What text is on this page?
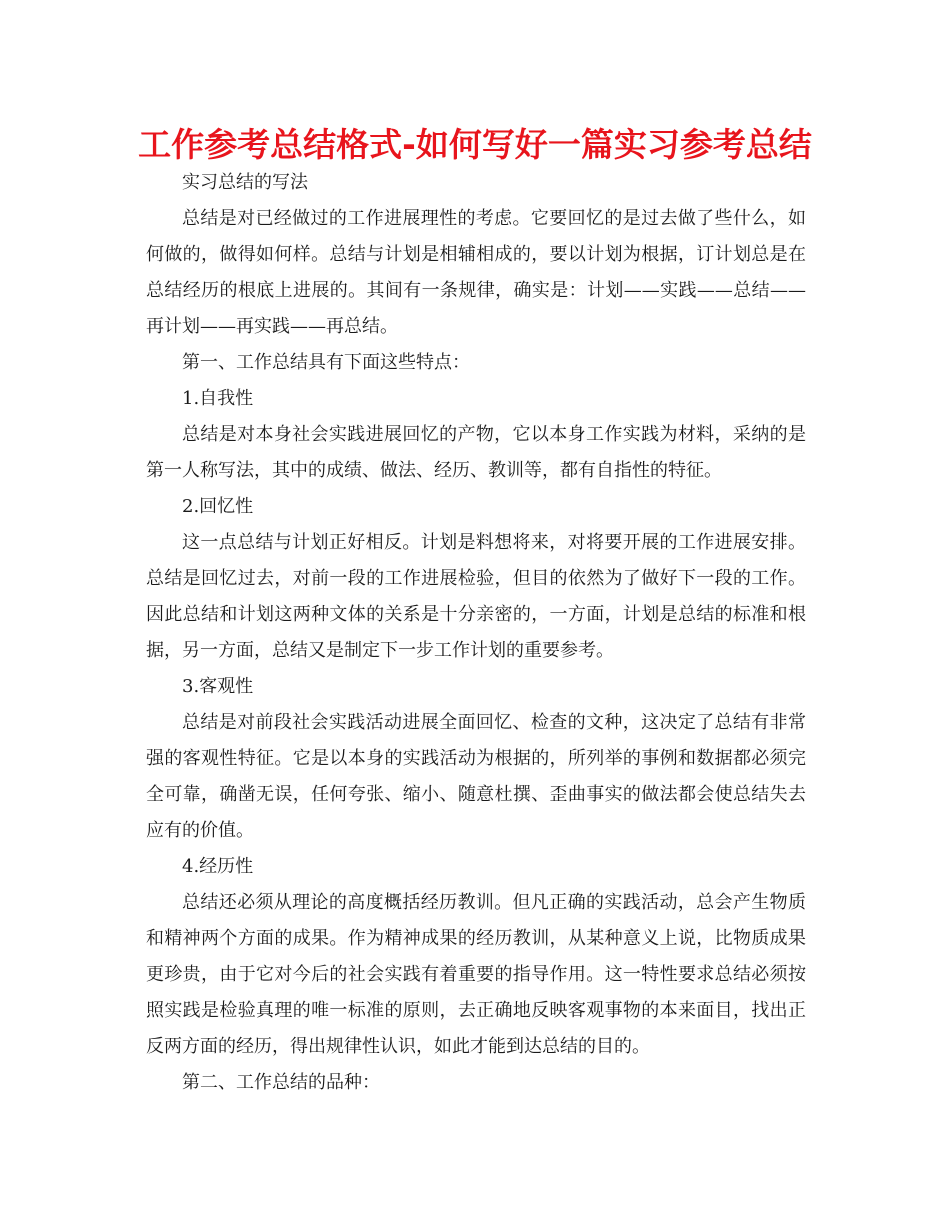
工作参考总结格式-如何写好一篇实习参考总结

实习总结的写法

总结是对已经做过的工作进展理性的考虑。它要回忆的是过去做了些什么，如何做的，做得如何样。总结与计划是相辅相成的，要以计划为根据，订计划总是在总结经历的根底上进展的。其间有一条规律，确实是：计划——实践——总结——再计划——再实践——再总结。

第一、工作总结具有下面这些特点：

1.自我性

总结是对本身社会实践进展回忆的产物，它以本身工作实践为材料，采纳的是第一人称写法，其中的成绩、做法、经历、教训等，都有自指性的特征。

2.回忆性

这一点总结与计划正好相反。计划是料想将来，对将要开展的工作进展安排。总结是回忆过去，对前一段的工作进展检验，但目的依然为了做好下一段的工作。因此总结和计划这两种文体的关系是十分亲密的，一方面，计划是总结的标准和根据，另一方面，总结又是制定下一步工作计划的重要参考。

3.客观性

总结是对前段社会实践活动进展全面回忆、检查的文种，这决定了总结有非常强的客观性特征。它是以本身的实践活动为根据的，所列举的事例和数据都必须完全可靠，确凿无误，任何夸张、缩小、随意杜撰、歪曲事实的做法都会使总结失去应有的价值。

4.经历性

总结还必须从理论的高度概括经历教训。但凡正确的实践活动，总会产生物质和精神两个方面的成果。作为精神成果的经历教训，从某种意义上说，比物质成果更珍贵，由于它对今后的社会实践有着重要的指导作用。这一特性要求总结必须按照实践是检验真理的唯一标准的原则，去正确地反映客观事物的本来面目，找出正反两方面的经历，得出规律性认识，如此才能到达总结的目的。

第二、工作总结的品种：
